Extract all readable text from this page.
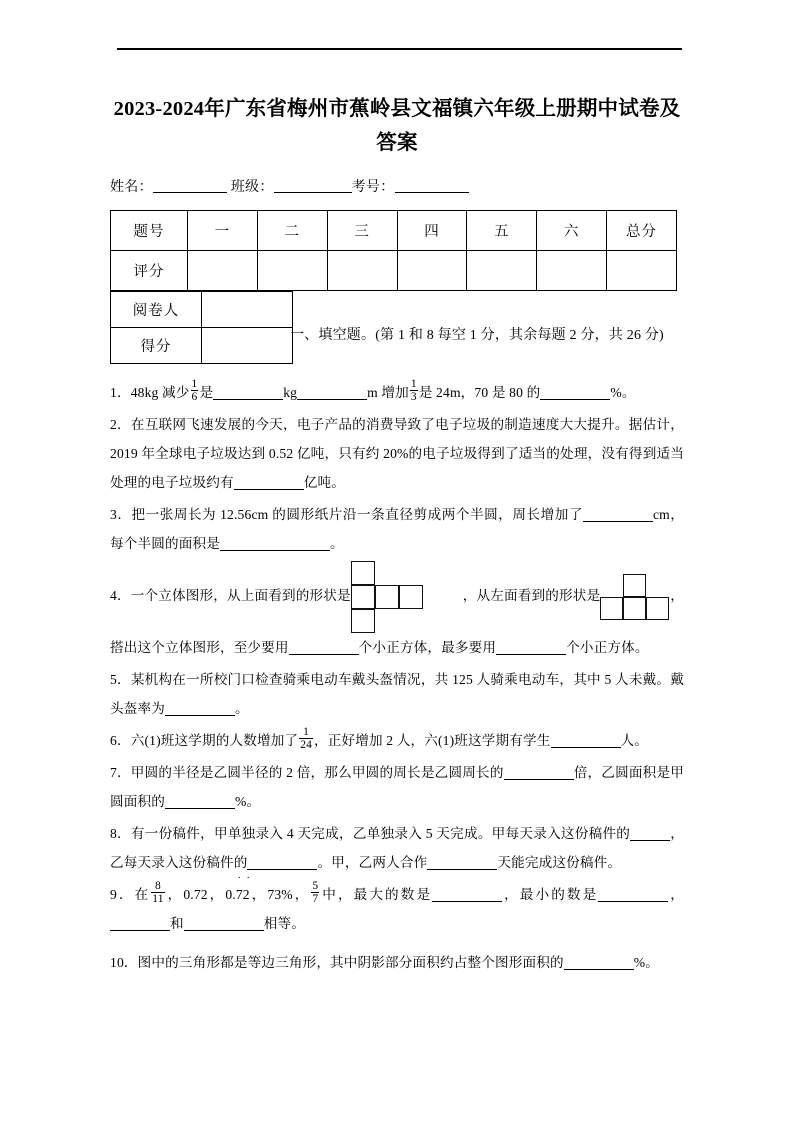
2023-2024年广东省梅州市蕉岭县文福镇六年级上册期中试卷及答案
姓名：	班级：	考号：
题号	一	二	三	四	五	六	总分
评分							
阅卷人	
得分	
一、填空题。(第 1 和 8 每空 1 分，其余每题 2 分，共 26 分)

1．48kg 减少 $\frac{1}{6}$ 是	kg	m 增加 $\frac{1}{3}$ 是 24m，70 是 80 的	%。

2．在互联网飞速发展的今天，电子产品的消费导致了电子垃圾的制造速度大大提升。据估计，2019 年全球电子垃圾达到 0.52 亿吨，只有约 20%的电子垃圾得到了适当的处理，没有得到适当处理的电子垃圾约有	亿吨。

3．把一张周长为 12.56cm 的圆形纸片沿一条直径剪成两个半圆，周长增加了	cm，每个半圆的面积是	。

4．一个立体图形，从上面看到的形状是	，从左面看到的形状是	，搭出这个立体图形，至少要用	个小正方体，最多要用	个小正方体。

5．某机构在一所校门口检查骑乘电动车戴头盔情况，共 125 人骑乘电动车，其中 5 人未戴。戴头盔率为	。

6．六(1)班这学期的人数增加了 $\frac{1}{24}$ ，正好增加 2 人，六(1)班这学期有学生	人。

7．甲圆的半径是乙圆半径的 2 倍，那么甲圆的周长是乙圆周长的	倍，乙圆面积是甲圆面积的	%。

8．有一份稿件，甲单独录入 4 天完成，乙单独录入 5 天完成。甲每天录入这份稿件的	，乙每天录入这份稿件的	。甲，乙两人合作	天能完成这份稿件。

9．在 $\frac{8}{11}$ ，0.72，
· ·
0.72，73%， $\frac{5}{7}$ 中，最大的数是	，最小的数是	，和	相等。

10．图中的三角形都是等边三角形，其中阴影部分面积约占整个图形面积的	%。
